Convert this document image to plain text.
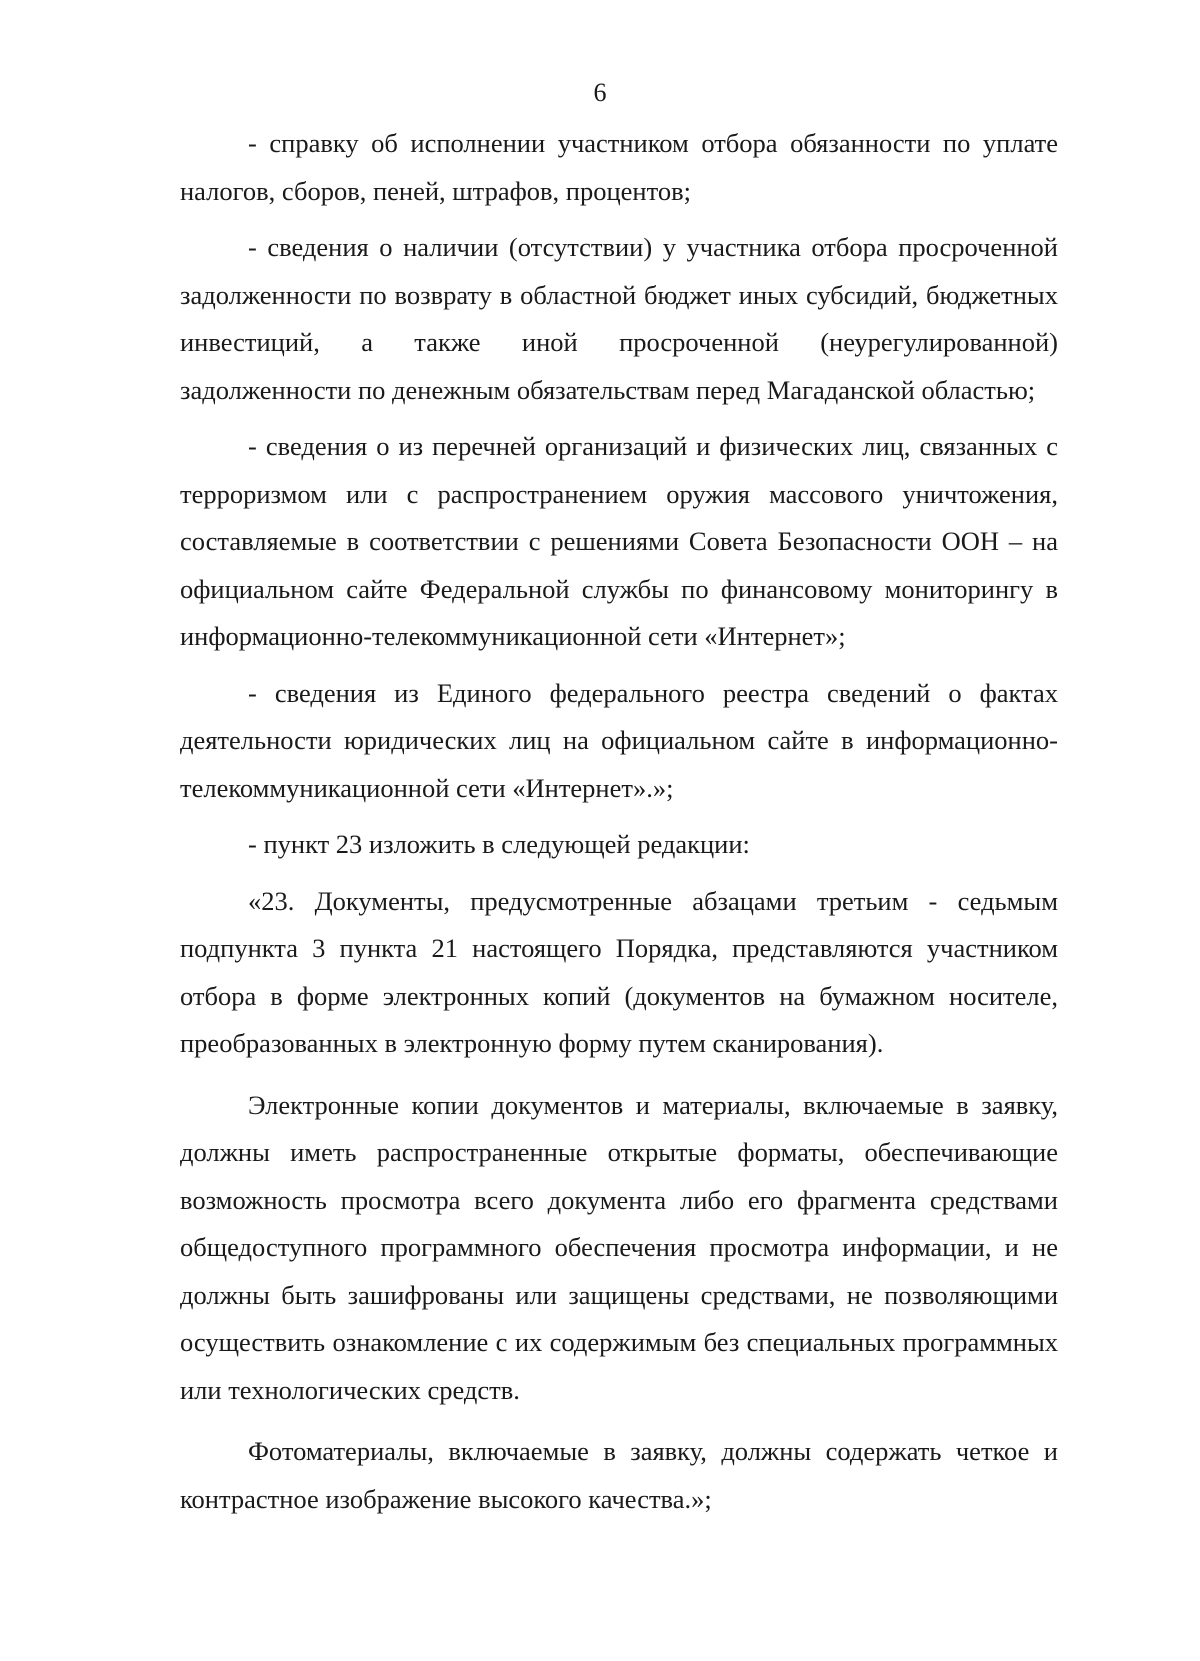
6

- справку об исполнении участником отбора обязанности по уплате налогов, сборов, пеней, штрафов, процентов;

- сведения о наличии (отсутствии) у участника отбора просроченной задолженности по возврату в областной бюджет иных субсидий, бюджетных инвестиций, а также иной просроченной (неурегулированной) задолженности по денежным обязательствам перед Магаданской областью;

- сведения о из перечней организаций и физических лиц, связанных с терроризмом или с распространением оружия массового уничтожения, составляемые в соответствии с решениями Совета Безопасности ООН – на официальном сайте Федеральной службы по финансовому мониторингу в информационно-телекоммуникационной сети «Интернет»;

- сведения из Единого федерального реестра сведений о фактах деятельности юридических лиц на официальном сайте в информационно-телекоммуникационной сети «Интернет».»;

- пункт 23 изложить в следующей редакции:

«23. Документы, предусмотренные абзацами третьим - седьмым подпункта 3 пункта 21 настоящего Порядка, представляются участником отбора в форме электронных копий (документов на бумажном носителе, преобразованных в электронную форму путем сканирования).

Электронные копии документов и материалы, включаемые в заявку, должны иметь распространенные открытые форматы, обеспечивающие возможность просмотра всего документа либо его фрагмента средствами общедоступного программного обеспечения просмотра информации, и не должны быть зашифрованы или защищены средствами, не позволяющими осуществить ознакомление с их содержимым без специальных программных или технологических средств.

Фотоматериалы, включаемые в заявку, должны содержать четкое и контрастное изображение высокого качества.»;
